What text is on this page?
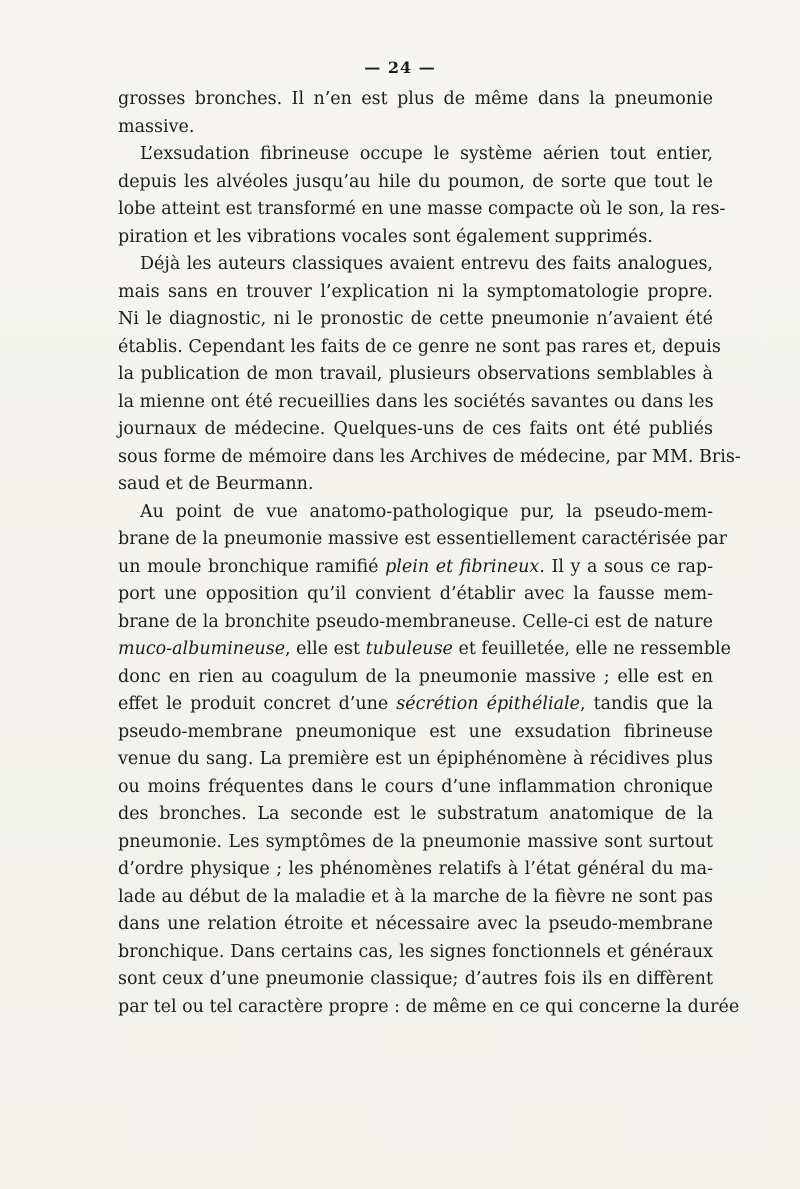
— 24 —
grosses bronches. Il n’en est plus de même dans la pneumonie
massive.
L’exsudation fibrineuse occupe le système aérien tout entier,
depuis les alvéoles jusqu’au hile du poumon, de sorte que tout le
lobe atteint est transformé en une masse compacte où le son, la res-
piration et les vibrations vocales sont également supprimés.
Déjà les auteurs classiques avaient entrevu des faits analogues,
mais sans en trouver l’explication ni la symptomatologie propre.
Ni le diagnostic, ni le pronostic de cette pneumonie n’avaient été
établis. Cependant les faits de ce genre ne sont pas rares et, depuis
la publication de mon travail, plusieurs observations semblables à
la mienne ont été recueillies dans les sociétés savantes ou dans les
journaux de médecine. Quelques-uns de ces faits ont été publiés
sous forme de mémoire dans les Archives de médecine, par MM. Bris-
saud et de Beurmann.
Au point de vue anatomo-pathologique pur, la pseudo-mem-
brane de la pneumonie massive est essentiellement caractérisée par
un moule bronchique ramifié plein et fibrineux. Il y a sous ce rap-
port une opposition qu’il convient d’établir avec la fausse mem-
brane de la bronchite pseudo-membraneuse. Celle-ci est de nature
muco-albumineuse, elle est tubuleuse et feuilletée, elle ne ressemble
donc en rien au coagulum de la pneumonie massive ; elle est en
effet le produit concret d’une sécrétion épithéliale, tandis que la
pseudo-membrane pneumonique est une exsudation fibrineuse
venue du sang. La première est un épiphénomène à récidives plus
ou moins fréquentes dans le cours d’une inflammation chronique
des bronches. La seconde est le substratum anatomique de la
pneumonie. Les symptômes de la pneumonie massive sont surtout
d’ordre physique ; les phénomènes relatifs à l’état général du ma-
lade au début de la maladie et à la marche de la fièvre ne sont pas
dans une relation étroite et nécessaire avec la pseudo-membrane
bronchique. Dans certains cas, les signes fonctionnels et généraux
sont ceux d’une pneumonie classique; d’autres fois ils en diffèrent
par tel ou tel caractère propre : de même en ce qui concerne la durée
